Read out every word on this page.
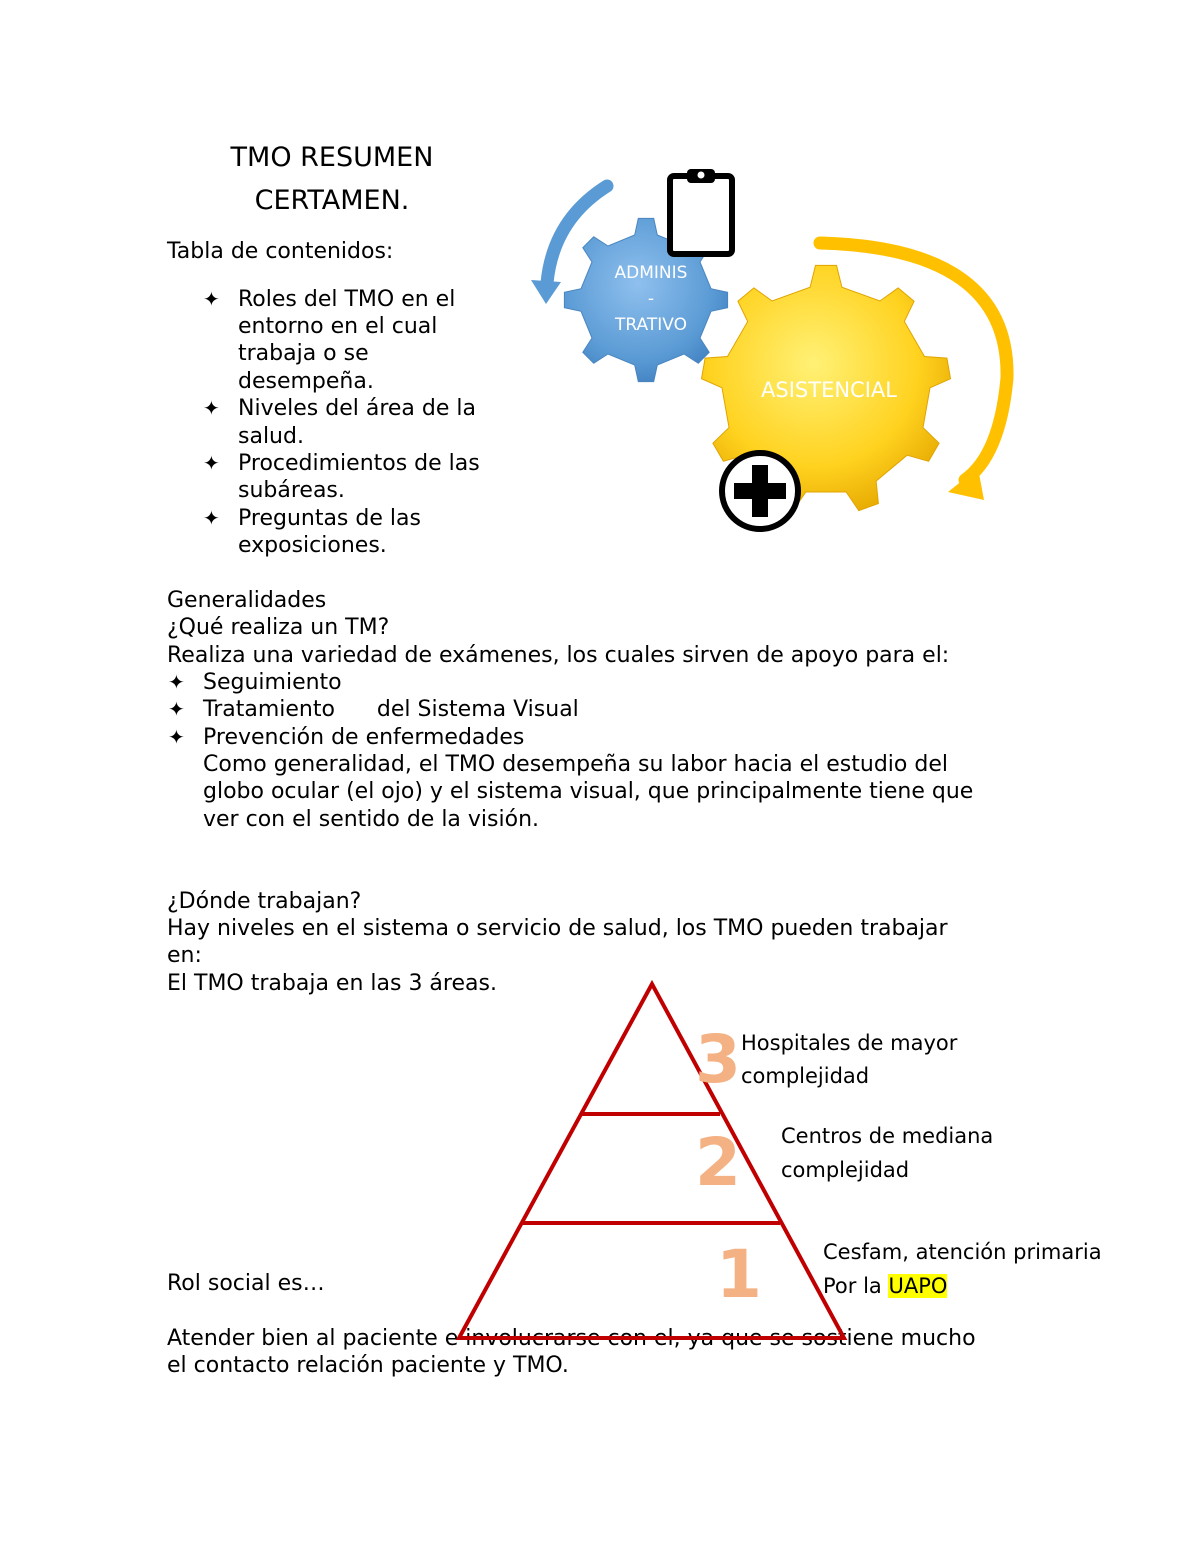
TMO RESUMEN
CERTAMEN.
Tabla de contenidos:
✦ Roles del TMO en el
entorno en el cual
trabaja o se
desempeña.
✦ Niveles del área de la
salud.
✦ Procedimientos de las
subáreas.
✦ Preguntas de las
exposiciones.
ADMINIS
-
TRATIVO
ASISTENCIAL
Generalidades
¿Qué realiza un TM?
Realiza una variedad de exámenes, los cuales sirven de apoyo para el:
✦ Seguimiento
✦ Tratamiento      del Sistema Visual
✦ Prevención de enfermedades
Como generalidad, el TMO desempeña su labor hacia el estudio del
globo ocular (el ojo) y el sistema visual, que principalmente tiene que
ver con el sentido de la visión.
¿Dónde trabajan?
Hay niveles en el sistema o servicio de salud, los TMO pueden trabajar
en:
El TMO trabaja en las 3 áreas.
Rol social es…
Atender bien al paciente e involucrarse con el, ya que se sostiene mucho
el contacto relación paciente y TMO.
3
2
1
Hospitales de mayor
complejidad
Centros de mediana
complejidad
Cesfam, atención primaria
Por la UAPO
